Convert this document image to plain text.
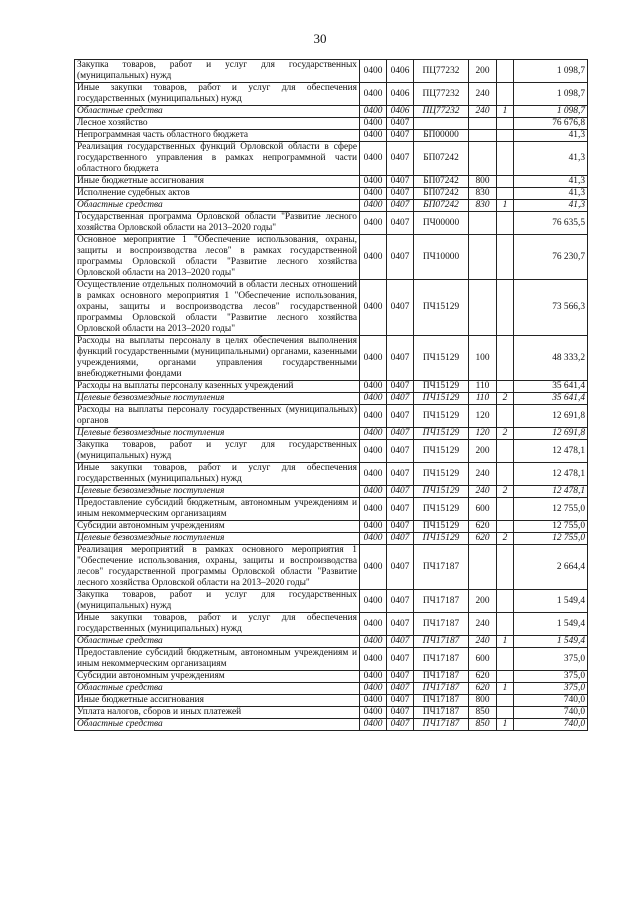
30
Закупка товаров, работ и услуг для государственных (муниципальных) нужд	0400	0406	ПЦ77232	200		1 098,7
Иные закупки товаров, работ и услуг для обеспечения государственных (муниципальных) нужд	0400	0406	ПЦ77232	240		1 098,7
Областные средства	0400	0406	ПЦ77232	240	1	1 098,7
Лесное хозяйство	0400	0407				76 676,8
Непрограммная часть областного бюджета	0400	0407	БП00000			41,3
Реализация государственных функций Орловской области в сфере государственного управления в рамках непрограммной части областного бюджета	0400	0407	БП07242			41,3
Иные бюджетные ассигнования	0400	0407	БП07242	800		41,3
Исполнение судебных актов	0400	0407	БП07242	830		41,3
Областные средства	0400	0407	БП07242	830	1	41,3
Государственная программа Орловской области "Развитие лесного хозяйства Орловской области на 2013–2020 годы"	0400	0407	ПЧ00000			76 635,5
Основное мероприятие 1 "Обеспечение использования, охраны, защиты и воспроизводства лесов" в рамках государственной программы Орловской области "Развитие лесного хозяйства Орловской области на 2013–2020 годы"	0400	0407	ПЧ10000			76 230,7
Осуществление отдельных полномочий в области лесных отношений в рамках основного мероприятия 1 "Обеспечение использования, охраны, защиты и воспроизводства лесов" государственной программы Орловской области "Развитие лесного хозяйства Орловской области на 2013–2020 годы"	0400	0407	ПЧ15129			73 566,3
Расходы на выплаты персоналу в целях обеспечения выполнения функций государственными (муниципальными) органами, казенными учреждениями, органами управления государственными внебюджетными фондами	0400	0407	ПЧ15129	100		48 333,2
Расходы на выплаты персоналу казенных учреждений	0400	0407	ПЧ15129	110		35 641,4
Целевые безвозмездные поступления	0400	0407	ПЧ15129	110	2	35 641,4
Расходы на выплаты персоналу государственных (муниципальных) органов	0400	0407	ПЧ15129	120		12 691,8
Целевые безвозмездные поступления	0400	0407	ПЧ15129	120	2	12 691,8
Закупка товаров, работ и услуг для государственных (муниципальных) нужд	0400	0407	ПЧ15129	200		12 478,1
Иные закупки товаров, работ и услуг для обеспечения государственных (муниципальных) нужд	0400	0407	ПЧ15129	240		12 478,1
Целевые безвозмездные поступления	0400	0407	ПЧ15129	240	2	12 478,1
Предоставление субсидий бюджетным, автономным учреждениям и иным некоммерческим организациям	0400	0407	ПЧ15129	600		12 755,0
Субсидии автономным учреждениям	0400	0407	ПЧ15129	620		12 755,0
Целевые безвозмездные поступления	0400	0407	ПЧ15129	620	2	12 755,0
Реализация мероприятий в рамках основного мероприятия 1 "Обеспечение использования, охраны, защиты и воспроизводства лесов" государственной программы Орловской области "Развитие лесного хозяйства Орловской области на 2013–2020 годы"	0400	0407	ПЧ17187			2 664,4
Закупка товаров, работ и услуг для государственных (муниципальных) нужд	0400	0407	ПЧ17187	200		1 549,4
Иные закупки товаров, работ и услуг для обеспечения государственных (муниципальных) нужд	0400	0407	ПЧ17187	240		1 549,4
Областные средства	0400	0407	ПЧ17187	240	1	1 549,4
Предоставление субсидий бюджетным, автономным учреждениям и иным некоммерческим организациям	0400	0407	ПЧ17187	600		375,0
Субсидии автономным учреждениям	0400	0407	ПЧ17187	620		375,0
Областные средства	0400	0407	ПЧ17187	620	1	375,0
Иные бюджетные ассигнования	0400	0407	ПЧ17187	800		740,0
Уплата налогов, сборов и иных платежей	0400	0407	ПЧ17187	850		740,0
Областные средства	0400	0407	ПЧ17187	850	1	740,0
